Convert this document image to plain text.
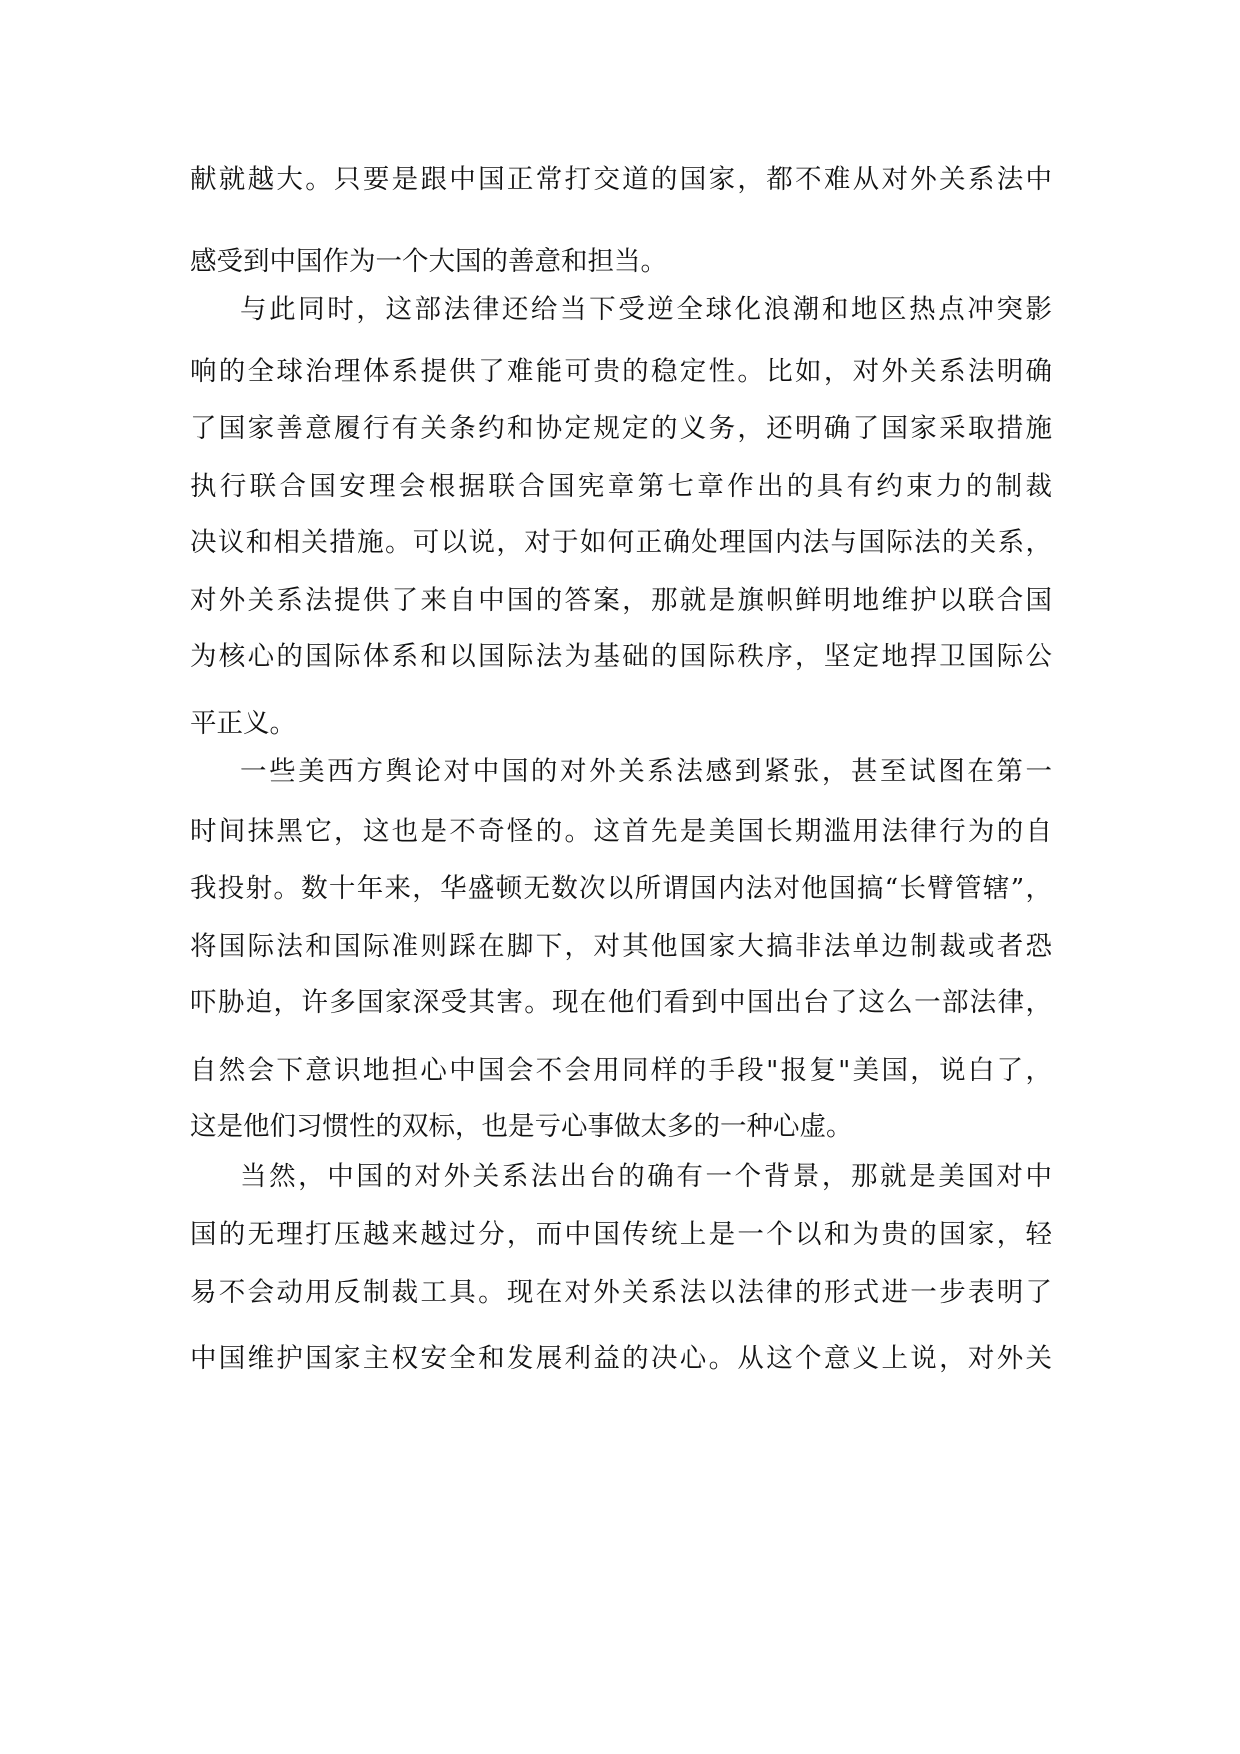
献就越大。只要是跟中国正常打交道的国家，都不难从对外关系法中
感受到中国作为一个大国的善意和担当。
与此同时，这部法律还给当下受逆全球化浪潮和地区热点冲突影
响的全球治理体系提供了难能可贵的稳定性。比如，对外关系法明确
了国家善意履行有关条约和协定规定的义务，还明确了国家采取措施
执行联合国安理会根据联合国宪章第七章作出的具有约束力的制裁
决议和相关措施。可以说，对于如何正确处理国内法与国际法的关系，
对外关系法提供了来自中国的答案，那就是旗帜鲜明地维护以联合国
为核心的国际体系和以国际法为基础的国际秩序，坚定地捍卫国际公
平正义。
一些美西方舆论对中国的对外关系法感到紧张，甚至试图在第一
时间抹黑它，这也是不奇怪的。这首先是美国长期滥用法律行为的自
我投射。数十年来，华盛顿无数次以所谓国内法对他国搞“长臂管辖”，
将国际法和国际准则踩在脚下，对其他国家大搞非法单边制裁或者恐
吓胁迫，许多国家深受其害。现在他们看到中国出台了这么一部法律，
自然会下意识地担心中国会不会用同样的手段"报复"美国，说白了，
这是他们习惯性的双标，也是亏心事做太多的一种心虚。
当然，中国的对外关系法出台的确有一个背景，那就是美国对中
国的无理打压越来越过分，而中国传统上是一个以和为贵的国家，轻
易不会动用反制裁工具。现在对外关系法以法律的形式进一步表明了
中国维护国家主权安全和发展利益的决心。从这个意义上说，对外关
